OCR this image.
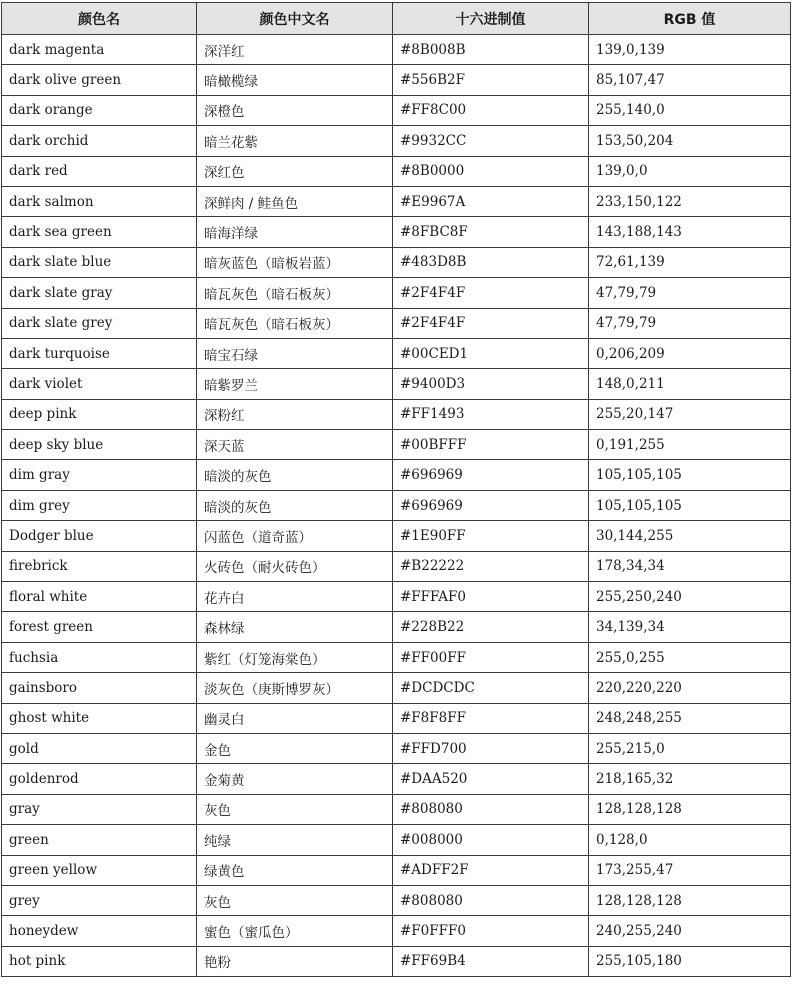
颜色名	颜色中文名	十六进制值	RGB 值
dark magenta	深洋红	#8B008B	139,0,139
dark olive green	暗橄榄绿	#556B2F	85,107,47
dark orange	深橙色	#FF8C00	255,140,0
dark orchid	暗兰花紫	#9932CC	153,50,204
dark red	深红色	#8B0000	139,0,0
dark salmon	深鲜肉 / 鲑鱼色	#E9967A	233,150,122
dark sea green	暗海洋绿	#8FBC8F	143,188,143
dark slate blue	暗灰蓝色（暗板岩蓝）	#483D8B	72,61,139
dark slate gray	暗瓦灰色（暗石板灰）	#2F4F4F	47,79,79
dark slate grey	暗瓦灰色（暗石板灰）	#2F4F4F	47,79,79
dark turquoise	暗宝石绿	#00CED1	0,206,209
dark violet	暗紫罗兰	#9400D3	148,0,211
deep pink	深粉红	#FF1493	255,20,147
deep sky blue	深天蓝	#00BFFF	0,191,255
dim gray	暗淡的灰色	#696969	105,105,105
dim grey	暗淡的灰色	#696969	105,105,105
Dodger blue	闪蓝色（道奇蓝）	#1E90FF	30,144,255
firebrick	火砖色（耐火砖色）	#B22222	178,34,34
floral white	花卉白	#FFFAF0	255,250,240
forest green	森林绿	#228B22	34,139,34
fuchsia	紫红（灯笼海棠色）	#FF00FF	255,0,255
gainsboro	淡灰色（庚斯博罗灰）	#DCDCDC	220,220,220
ghost white	幽灵白	#F8F8FF	248,248,255
gold	金色	#FFD700	255,215,0
goldenrod	金菊黄	#DAA520	218,165,32
gray	灰色	#808080	128,128,128
green	纯绿	#008000	0,128,0
green yellow	绿黄色	#ADFF2F	173,255,47
grey	灰色	#808080	128,128,128
honeydew	蜜色（蜜瓜色）	#F0FFF0	240,255,240
hot pink	艳粉	#FF69B4	255,105,180
